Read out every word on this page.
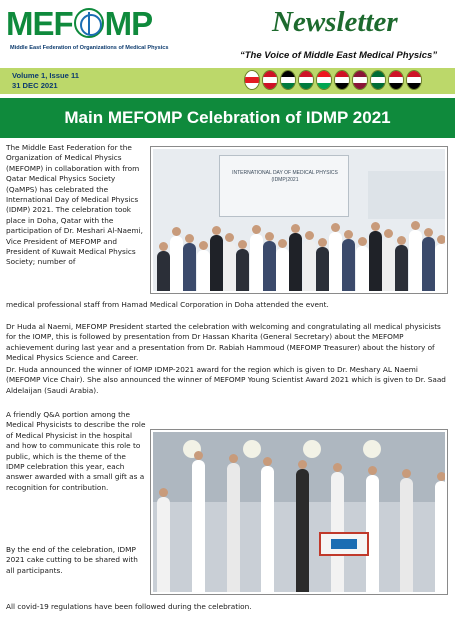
MEF MP
Middle East Federation of Organizations of Medical Physics
Newsletter
“The Voice of Middle East Medical Physics”
Volume 1, Issue 11
31 DEC 2021
Main MEFOMP Celebration of IDMP 2021

The Middle East Federation for the Organization of Medical Physics (MEFOMP) in collaboration with from Qatar Medical Physics Society (QaMPS) has celebrated the International Day of Medical Physics (IDMP) 2021. The celebration took place in Doha, Qatar with the participation of Dr. Meshari Al-Naemi, Vice President of MEFOMP and President of Kuwait Medical Physics Society; number of

medical professional staff from Hamad Medical Corporation in Doha attended the event.

Dr Huda al Naemi, MEFOMP President started the celebration with welcoming and congratulating all medical physicists for the IOMP, this is followed by presentation from Dr Hassan Kharita (General Secretary) about the MEFOMP achievement during last year and a presentation from Dr. Rabiah Hammoud (MEFOMP Treasurer) about the history of Medical Physics Science and Career.

Dr. Huda announced the winner of IOMP IDMP-2021 award for the region which is given to Dr. Meshary AL Naemi (MEFOMP Vice Chair). She also announced the winner of MEFOMP Young Scientist Award 2021 which is given to Dr. Saad Aldelaijan (Saudi Arabia).

A friendly Q&A portion among the Medical Physicists to describe the role of Medical Physicist in the hospital and how to communicate this role to public, which is the theme of the IDMP celebration this year, each answer awarded with a small gift as a recognition for contribution.

By the end of the celebration, IDMP 2021 cake cutting to be shared with all participants.

All covid-19 regulations have been followed during the celebration.

INTERNATIONAL DAY OF MEDICAL PHYSICS (IDMP)2021
